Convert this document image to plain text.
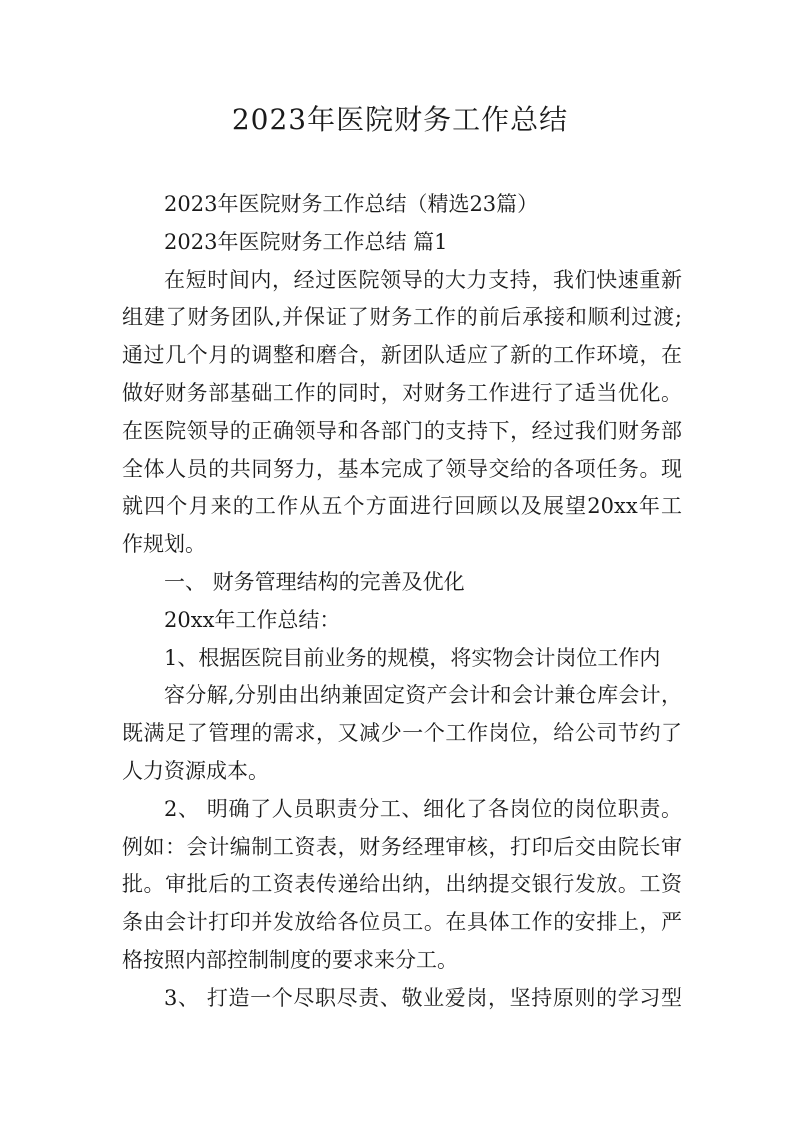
2023年医院财务工作总结
2023年医院财务工作总结（精选23篇）
2023年医院财务工作总结 篇1
在短时间内，经过医院领导的大力支持，我们快速重新
组建了财务团队,并保证了财务工作的前后承接和顺利过渡;
通过几个月的调整和磨合，新团队适应了新的工作环境，在
做好财务部基础工作的同时，对财务工作进行了适当优化。
在医院领导的正确领导和各部门的支持下，经过我们财务部
全体人员的共同努力，基本完成了领导交给的各项任务。现
就四个月来的工作从五个方面进行回顾以及展望20xx年工
作规划。
一、 财务管理结构的完善及优化
20xx年工作总结：
1、根据医院目前业务的规模，将实物会计岗位工作内
容分解,分别由出纳兼固定资产会计和会计兼仓库会计，
既满足了管理的需求，又减少一个工作岗位，给公司节约了
人力资源成本。
2、 明确了人员职责分工、细化了各岗位的岗位职责。
例如：会计编制工资表，财务经理审核，打印后交由院长审
批。审批后的工资表传递给出纳，出纳提交银行发放。工资
条由会计打印并发放给各位员工。在具体工作的安排上，严
格按照内部控制制度的要求来分工。
3、 打造一个尽职尽责、敬业爱岗，坚持原则的学习型
